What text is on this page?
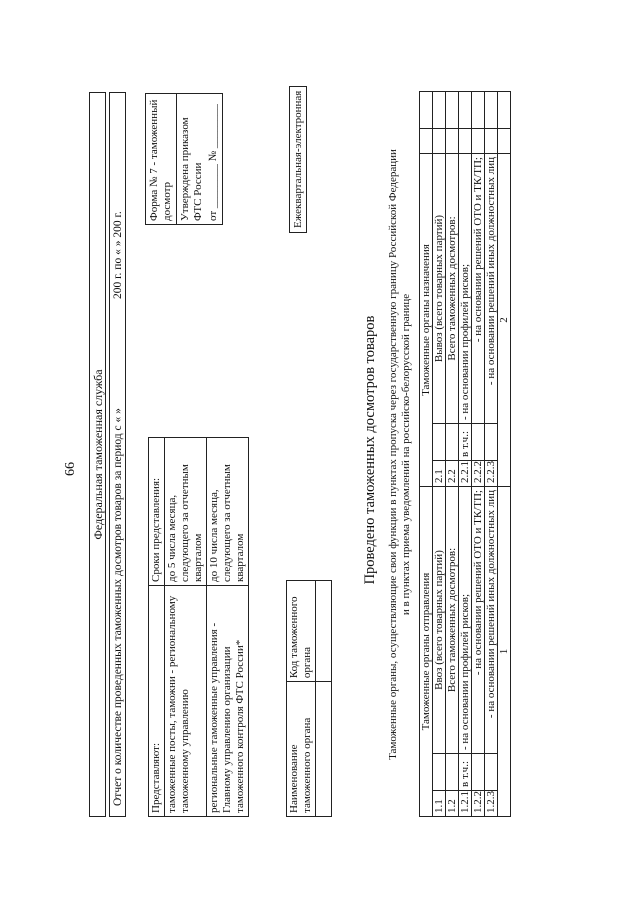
66 Федеральная таможенная служба Отчет о количестве проведенных таможенных досмотров товаров за период с « »
200 г. по « » 200 г.
Представляют:	Сроки представления:
таможенные посты, таможни - региональному таможенному управлению	до 5 числа месяца, следующего за отчетным кварталом
региональные таможенные управления - Главному управлению организации таможенного контроля ФТС России*	до 10 числа месяца, следующего за отчетным кварталом
Форма № 7 - таможенный досмотр Утверждена приказом ФТС России от ________ № ________
Наименование таможенного органа	Код таможенного органа

Ежеквартальная-электронная
Проведено таможенных досмотров товаров Таможенные органы, осуществляющие свои функции в пунктах пропуска через государственную границу Российской Федерации и в пунктах приема уведомлений на российско-белорусской границе
Таможенные органы отправления			Таможенные органы назначения				
1.1		Ввоз (всего товарных партий)	2.1		Вывоз (всего товарных партий)		
1.2		Всего таможенных досмотров:	2.2		Всего таможенных досмотров:		
1.2.1	в т.ч.:	- на основании профилей рисков;	2.2.1	в т.ч.:	- на основании профилей рисков;		
1.2.2		- на основании решений ОТО и ТК/ТП;	2.2.2		- на основании решений ОТО и ТК/ТП;		
1.2.3		- на основании решений иных должностных лиц	2.2.3		- на основании решений иных должностных лиц		
1			2				
